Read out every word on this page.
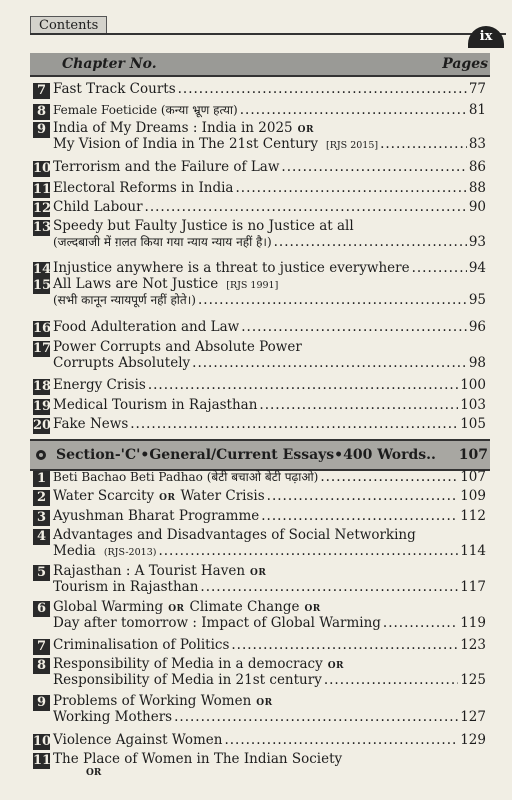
Contents
ix
Chapter No.	Pages
7 Fast Track Courts .....	77
8 Female Foeticide (कन्या भ्रूण हत्या) .....	81
9 India of My Dreams : India in 2025 OR
My Vision of India in The 21st Century [RJS 2015] .....	83
10 Terrorism and the Failure of Law .....	86
11 Electoral Reforms in India .....	88
12 Child Labour .....	90
13 Speedy but Faulty Justice is no Justice at all
(जल्दबाजी में ग़लत किया गया न्याय न्याय नहीं है।) .....	93
14 Injustice anywhere is a threat to justice everywhere .....	94
15 All Laws are Not Justice [RJS 1991]
(सभी कानून न्यायपूर्ण नहीं होते।) .....	95
16 Food Adulteration and Law .....	96
17 Power Corrupts and Absolute Power
Corrupts Absolutely .....	98
18 Energy Crisis .....	100
19 Medical Tourism in Rajasthan .....	103
20 Fake News .....	105
Section-'C'•General/Current Essays•400 Words.. 107
1 Beti Bachao Beti Padhao (बेटी बचाओ बेटी पढ़ाओ) .....	107
2 Water Scarcity OR Water Crisis .....	109
3 Ayushman Bharat Programme .....	112
4 Advantages and Disadvantages of Social Networking
Media (RJS-2013) .....	114
5 Rajasthan : A Tourist Haven OR
Tourism in Rajasthan .....	117
6 Global Warming OR Climate Change OR
Day after tomorrow : Impact of Global Warming .....	119
7 Criminalisation of Politics .....	123
8 Responsibility of Media in a democracy OR
Responsibility of Media in 21st century .....	125
9 Problems of Working Women OR
Working Mothers .....	127
10 Violence Against Women .....	129
11 The Place of Women in The Indian Society
OR
